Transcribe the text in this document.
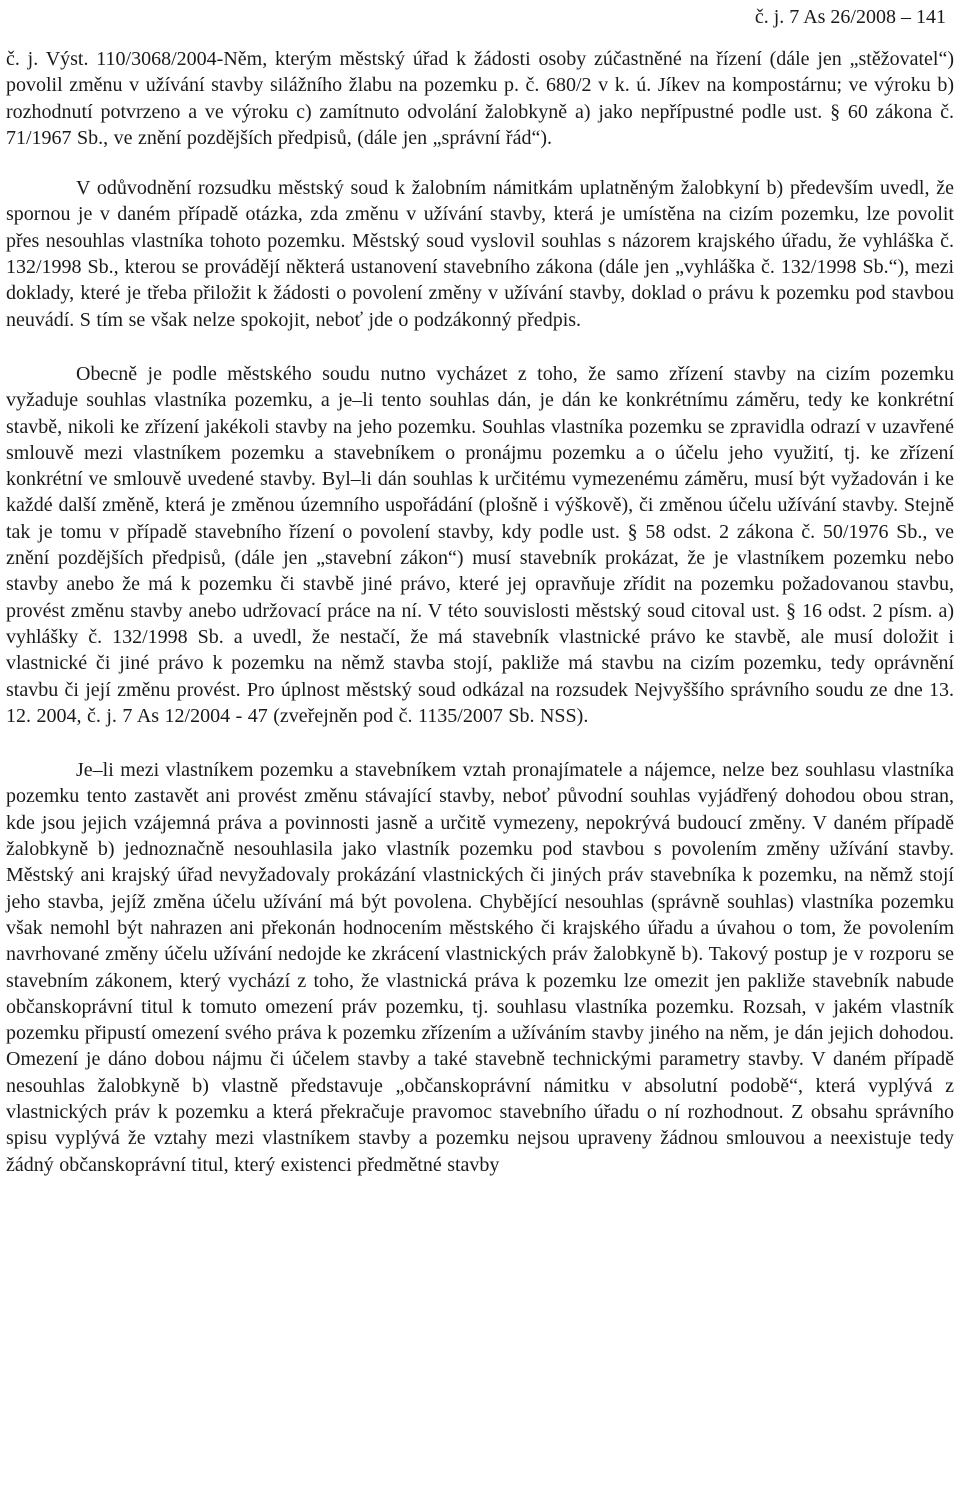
č. j. 7 As 26/2008 – 141

č. j. Výst. 110/3068/2004-Něm, kterým městský úřad k žádosti osoby zúčastněné na řízení (dále jen „stěžovatel“) povolil změnu v užívání stavby silážního žlabu na pozemku p. č. 680/2 v k. ú. Jíkev na kompostárnu; ve výroku b) rozhodnutí potvrzeno a ve výroku c) zamítnuto odvolání žalobkyně a) jako nepřípustné podle ust. § 60 zákona č. 71/1967 Sb., ve znění pozdějších předpisů, (dále jen „správní řád“).

V odůvodnění rozsudku městský soud k žalobním námitkám uplatněným žalobkyní b) především uvedl, že spornou je v daném případě otázka, zda změnu v užívání stavby, která je umístěna na cizím pozemku, lze povolit přes nesouhlas vlastníka tohoto pozemku. Městský soud vyslovil souhlas s názorem krajského úřadu, že vyhláška č. 132/1998 Sb., kterou se provádějí některá ustanovení stavebního zákona (dále jen „vyhláška č. 132/1998 Sb.“), mezi doklady, které je třeba přiložit k žádosti o povolení změny v užívání stavby, doklad o právu k pozemku pod stavbou neuvádí. S tím se však nelze spokojit, neboť jde o podzákonný předpis.

Obecně je podle městského soudu nutno vycházet z toho, že samo zřízení stavby na cizím pozemku vyžaduje souhlas vlastníka pozemku, a je–li tento souhlas dán, je dán ke konkrétnímu záměru, tedy ke konkrétní stavbě, nikoli ke zřízení jakékoli stavby na jeho pozemku. Souhlas vlastníka pozemku se zpravidla odrazí v uzavřené smlouvě mezi vlastníkem pozemku a stavebníkem o pronájmu pozemku a o účelu jeho využití, tj. ke zřízení konkrétní ve smlouvě uvedené stavby. Byl–li dán souhlas k určitému vymezenému záměru, musí být vyžadován i ke každé další změně, která je změnou územního uspořádání (plošně i výškově), či změnou účelu užívání stavby. Stejně tak je tomu v případě stavebního řízení o povolení stavby, kdy podle ust. § 58 odst. 2 zákona č. 50/1976 Sb., ve znění pozdějších předpisů, (dále jen „stavební zákon“) musí stavebník prokázat, že je vlastníkem pozemku nebo stavby anebo že má k pozemku či stavbě jiné právo, které jej opravňuje zřídit na pozemku požadovanou stavbu, provést změnu stavby anebo udržovací práce na ní. V této souvislosti městský soud citoval ust. § 16 odst. 2 písm. a) vyhlášky č. 132/1998 Sb. a uvedl, že nestačí, že má stavebník vlastnické právo ke stavbě, ale musí doložit i vlastnické či jiné právo k pozemku na němž stavba stojí, pakliže má stavbu na cizím pozemku, tedy oprávnění stavbu či její změnu provést. Pro úplnost městský soud odkázal na rozsudek Nejvyššího správního soudu ze dne 13. 12. 2004, č. j. 7 As 12/2004 - 47 (zveřejněn pod č. 1135/2007 Sb. NSS).

Je–li mezi vlastníkem pozemku a stavebníkem vztah pronajímatele a nájemce, nelze bez souhlasu vlastníka pozemku tento zastavět ani provést změnu stávající stavby, neboť původní souhlas vyjádřený dohodou obou stran, kde jsou jejich vzájemná práva a povinnosti jasně a určitě vymezeny, nepokrývá budoucí změny. V daném případě žalobkyně b) jednoznačně nesouhlasila jako vlastník pozemku pod stavbou s povolením změny užívání stavby. Městský ani krajský úřad nevyžadovaly prokázání vlastnických či jiných práv stavebníka k pozemku, na němž stojí jeho stavba, jejíž změna účelu užívání má být povolena. Chybějící nesouhlas (správně souhlas) vlastníka pozemku však nemohl být nahrazen ani překonán hodnocením městského či krajského úřadu a úvahou o tom, že povolením navrhované změny účelu užívání nedojde ke zkrácení vlastnických práv žalobkyně b). Takový postup je v rozporu se stavebním zákonem, který vychází z toho, že vlastnická práva k pozemku lze omezit jen pakliže stavebník nabude občanskoprávní titul k tomuto omezení práv pozemku, tj. souhlasu vlastníka pozemku. Rozsah, v jakém vlastník pozemku připustí omezení svého práva k pozemku zřízením a užíváním stavby jiného na něm, je dán jejich dohodou. Omezení je dáno dobou nájmu či účelem stavby a také stavebně technickými parametry stavby. V daném případě nesouhlas žalobkyně b) vlastně představuje „občanskoprávní námitku v absolutní podobě“, která vyplývá z vlastnických práv k pozemku a která překračuje pravomoc stavebního úřadu o ní rozhodnout. Z obsahu správního spisu vyplývá že vztahy mezi vlastníkem stavby a pozemku nejsou upraveny žádnou smlouvou a neexistuje tedy žádný občanskoprávní titul, který existenci předmětné stavby
